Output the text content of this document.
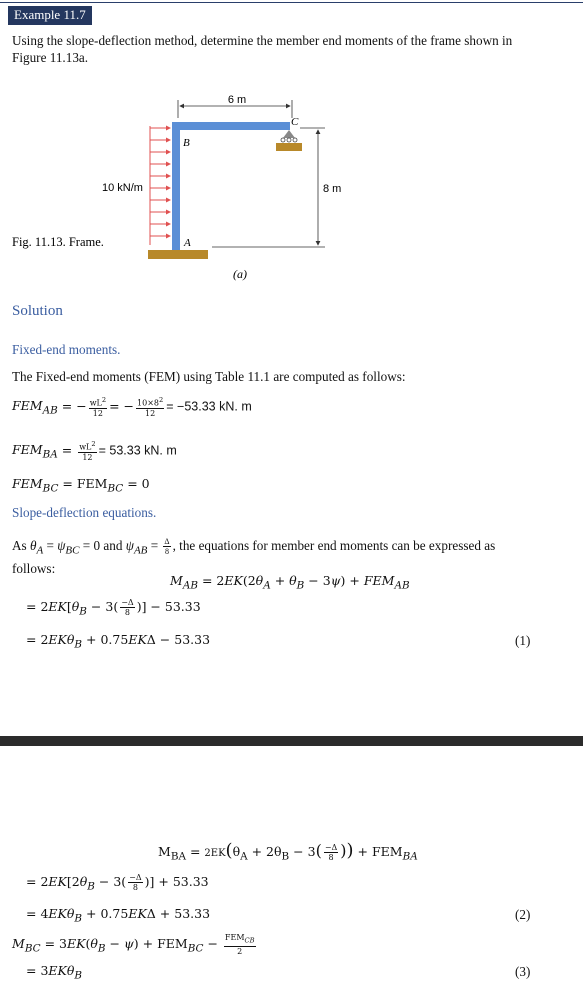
Example 11.7
Using the slope-deflection method, determine the member end moments of the frame shown in
Figure 11.13a.
6 m
8 m
10 kN/m
B
C
A
Fig. 11.13. Frame.
(a)
Solution
Fixed-end moments.
The Fixed-end moments (FEM) using Table 11.1 are computed as follows:
$FEM_{AB}$ = − $\frac{wL^2}{12}$ = − $\frac{10\times 8^2}{12} = -53.33$ kN. m
$FEM_{BA} = \frac{wL^2}{12} = 53.33$ kN. m
$FEM_{BC} = FEM_{BC} = 0$
Slope-deflection equations.
As $\theta_A = \psi_{BC} = 0$ and $\psi_{AB} = \frac{\Delta}{8}$ , the equations for member end moments can be expressed as
follows:
$M_{AB} = 2EK(2\theta_A + \theta_B - 3\psi) + FEM_{AB}$
= $2EK[\theta_B - 3( \frac{-\Delta}{8}$ )] − 53.33
= 2EKθ$_B$ + 0.75EKΔ − 53.33	(1)
$M_{BA} = 2EK(\theta_A + 2\theta_B - 3( \frac{-\Delta}{8}$ )) + $FEM_{BA}$
= $2EK[2\theta_B - 3( \frac{-\Delta}{8}$ )] + 53.33
= 4EKθ$_B$ + 0.75EKΔ + 53.33	(2)
$M_{BC} = 3EK(\theta_B - \psi) + FEM_{BC} - \frac{FEM_{CB}}{2}$
= 3EKθ$_B$	(3)
